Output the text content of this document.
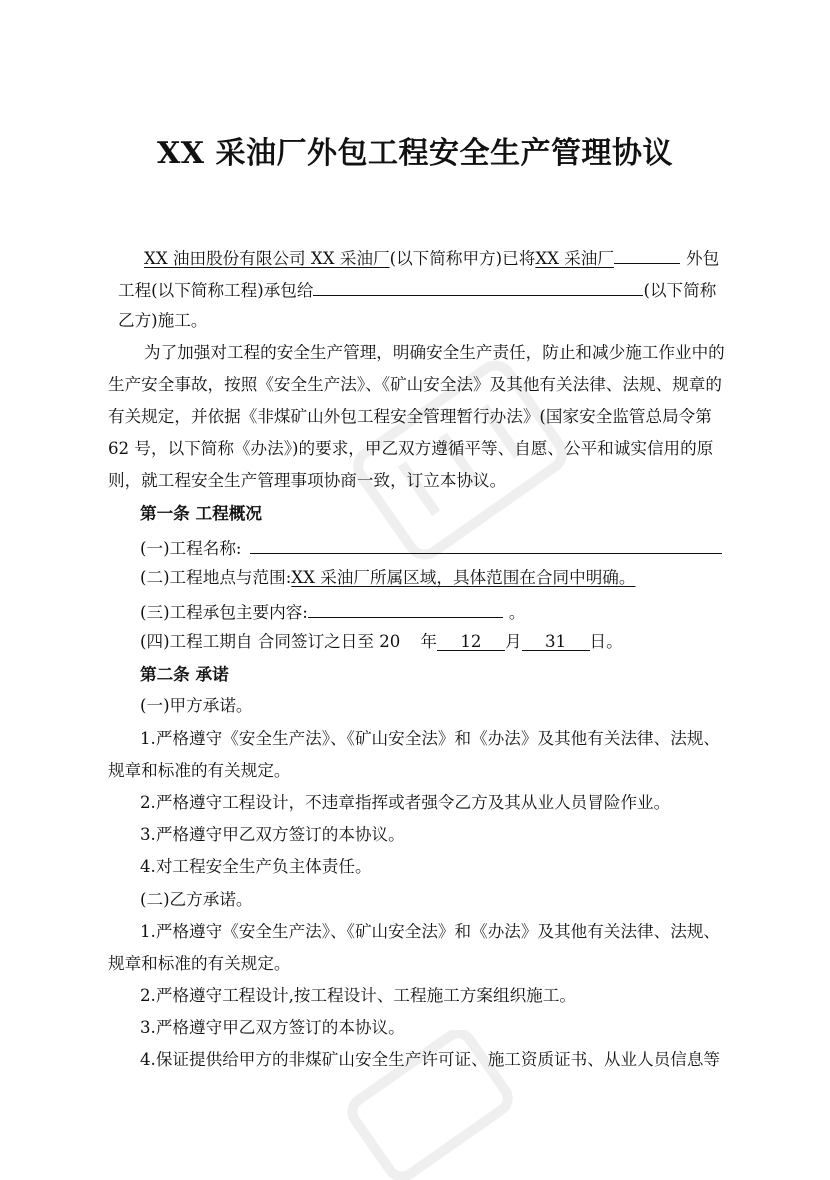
XX 采油厂外包工程安全生产管理协议
XX 油田股份有限公司 XX 采油厂(以下简称甲方)已将XX 采油厂	外包
工程(以下简称工程)承包给	(以下简称
乙方)施工。
为了加强对工程的安全生产管理，明确安全生产责任，防止和减少施工作业中的
生产安全事故，按照《安全生产法》、《矿山安全法》及其他有关法律、法规、规章的
有关规定，并依据《非煤矿山外包工程安全管理暂行办法》(国家安全监管总局令第
62 号，以下简称《办法》)的要求，甲乙双方遵循平等、自愿、公平和诚实信用的原
则，就工程安全生产管理事项协商一致，订立本协议。
第一条 工程概况
(一)工程名称:
(二)工程地点与范围:XX 采油厂所属区域，具体范围在合同中明确。
(三)工程承包主要内容:	。
(四)工程工期自 合同签订之日至 20 年 12 月 31 日。
第二条 承诺
(一)甲方承诺。
1.严格遵守《安全生产法》、《矿山安全法》和《办法》及其他有关法律、法规、
规章和标准的有关规定。
2.严格遵守工程设计，不违章指挥或者强令乙方及其从业人员冒险作业。
3.严格遵守甲乙双方签订的本协议。
4.对工程安全生产负主体责任。
(二)乙方承诺。
1.严格遵守《安全生产法》、《矿山安全法》和《办法》及其他有关法律、法规、
规章和标准的有关规定。
2.严格遵守工程设计,按工程设计、工程施工方案组织施工。
3.严格遵守甲乙双方签订的本协议。
4.保证提供给甲方的非煤矿山安全生产许可证、施工资质证书、从业人员信息等
